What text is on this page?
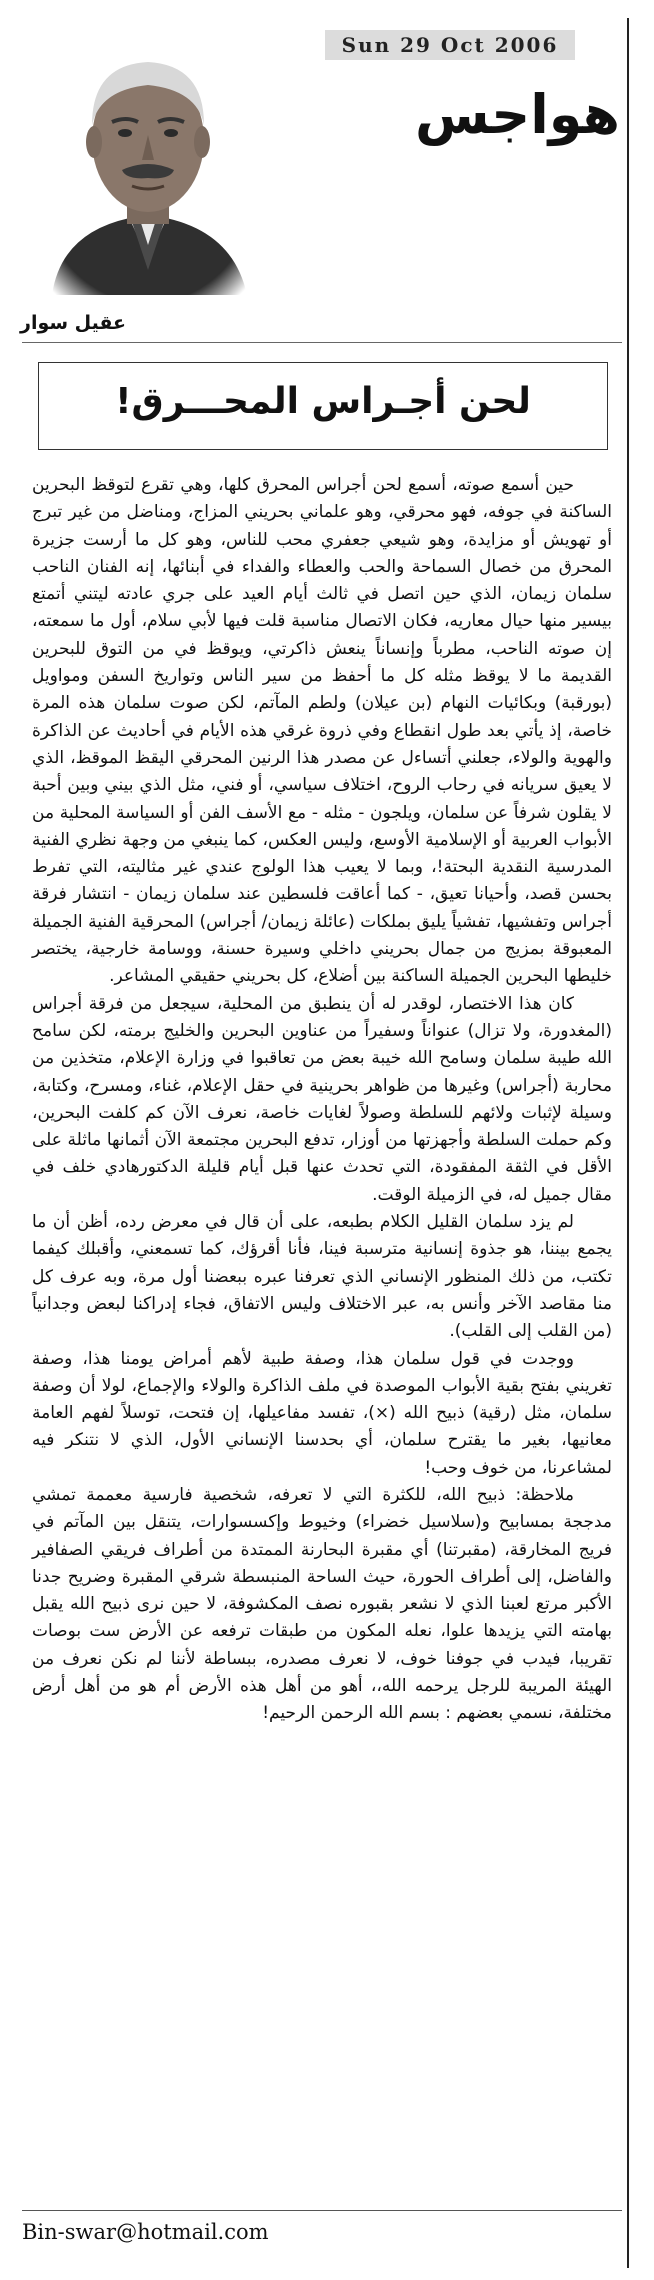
Sun 29 Oct 2006
هواجس
عقيل سوار
لحن أجـراس المحـــرق!

حين أسمع صوته، أسمع لحن أجراس المحرق كلها، وهي تقرع لتوقظ البحرين الساكنة في جوفه، فهو محرقي، وهو علماني بحريني المزاج، ومناضل من غير تبرج أو تهويش أو مزايدة، وهو شيعي جعفري محب للناس، وهو كل ما أرست جزيرة المحرق من خصال السماحة والحب والعطاء والفداء في أبنائها، إنه الفنان الناحب سلمان زيمان، الذي حين اتصل في ثالث أيام العيد على جري عادته ليتني أتمتع بيسير منها حيال معاريه، فكان الاتصال مناسبة قلت فيها لأبي سلام، أول ما سمعته، إن صوته الناحب، مطرباً وإنساناً ينعش ذاكرتي، ويوقظ في من التوق للبحرين القديمة ما لا يوقظ مثله كل ما أحفظ من سير الناس وتواريخ السفن ومواويل (بورقبة) وبكائيات النهام (بن عيلان) ولطم المآتم، لكن صوت سلمان هذه المرة خاصة، إذ يأتي بعد طول انقطاع وفي ذروة غرقي هذه الأيام في أحاديث عن الذاكرة والهوية والولاء، جعلني أتساءل عن مصدر هذا الرنين المحرقي اليقظ الموقظ، الذي لا يعيق سريانه في رحاب الروح، اختلاف سياسي، أو فني، مثل الذي بيني وبين أحبة لا يقلون شرفاً عن سلمان، ويلجون - مثله - مع الأسف الفن أو السياسة المحلية من الأبواب العربية أو الإسلامية الأوسع، وليس العكس، كما ينبغي من وجهة نظري الفنية المدرسية النقدية البحتة!، وبما لا يعيب هذا الولوج عندي غير مثاليته، التي تفرط بحسن قصد، وأحيانا تعيق، - كما أعاقت فلسطين عند سلمان زيمان - انتشار فرقة أجراس وتفشيها، تفشياً يليق بملكات (عائلة زيمان/ أجراس) المحرقية الفنية الجميلة المعبوقة بمزيج من جمال بحريني داخلي وسيرة حسنة، ووسامة خارجية، يختصر خليطها البحرين الجميلة الساكنة بين أضلاع، كل بحريني حقيقي المشاعر.

كان هذا الاختصار، لوقدر له أن ينطبق من المحلية، سيجعل من فرقة أجراس (المغدورة، ولا تزال) عنواناً وسفيراً من عناوين البحرين والخليج برمته، لكن سامح الله طيبة سلمان وسامح الله خيبة بعض من تعاقبوا في وزارة الإعلام، متخذين من محاربة (أجراس) وغيرها من ظواهر بحرينية في حقل الإعلام، غناء، ومسرح، وكتابة، وسيلة لإثبات ولائهم للسلطة وصولاً لغايات خاصة، نعرف الآن كم كلفت البحرين، وكم حملت السلطة وأجهزتها من أوزار، تدفع البحرين مجتمعة الآن أثمانها ماثلة على الأقل في الثقة المفقودة، التي تحدث عنها قبل أيام قليلة الدكتورهادي خلف في مقال جميل له، في الزميلة الوقت.

لم يزد سلمان القليل الكلام بطبعه، على أن قال في معرض رده، أظن أن ما يجمع بيننا، هو جذوة إنسانية مترسبة فينا، فأنا أقرؤك، كما تسمعني، وأقبلك كيفما تكتب، من ذلك المنظور الإنساني الذي تعرفنا عبره ببعضنا أول مرة، وبه عرف كل منا مقاصد الآخر وأنس به، عبر الاختلاف وليس الاتفاق، فجاء إدراكنا لبعض وجدانياً (من القلب إلى القلب).

ووجدت في قول سلمان هذا، وصفة طبية لأهم أمراض يومنا هذا، وصفة تغريني بفتح بقية الأبواب الموصدة في ملف الذاكرة والولاء والإجماع، لولا أن وصفة سلمان، مثل (رقية) ذبيح الله (×)، تفسد مفاعيلها، إن فتحت، توسلاً لفهم العامة معانيها، بغير ما يقترح سلمان، أي بحدسنا الإنساني الأول، الذي لا نتنكر فيه لمشاعرنا، من خوف وحب!

ملاحظة: ذبيح الله، للكثرة التي لا تعرفه، شخصية فارسية معممة تمشي مدججة بمسابيح و(سلاسيل خضراء) وخيوط وإكسسوارات، يتنقل بين المآتم في فريج المخارقة، (مقبرتنا) أي مقبرة البحارنة الممتدة من أطراف فريقي الصفافير والفاضل، إلى أطراف الحورة، حيث الساحة المنبسطة شرقي المقبرة وضريح جدنا الأكبر مرتع لعبنا الذي لا نشعر بقبوره نصف المكشوفة، لا حين نرى ذبيح الله يقبل بهامته التي يزيدها علوا، نعله المكون من طبقات ترفعه عن الأرض ست بوصات تقريبا، فيدب في جوفنا خوف، لا نعرف مصدره، ببساطة لأننا لم نكن نعرف من الهيئة المريبة للرجل يرحمه الله،، أهو من أهل هذه الأرض أم هو من أهل أرض مختلفة، نسمي بعضهم : بسم الله الرحمن الرحيم!

Bin-swar@hotmail.com
